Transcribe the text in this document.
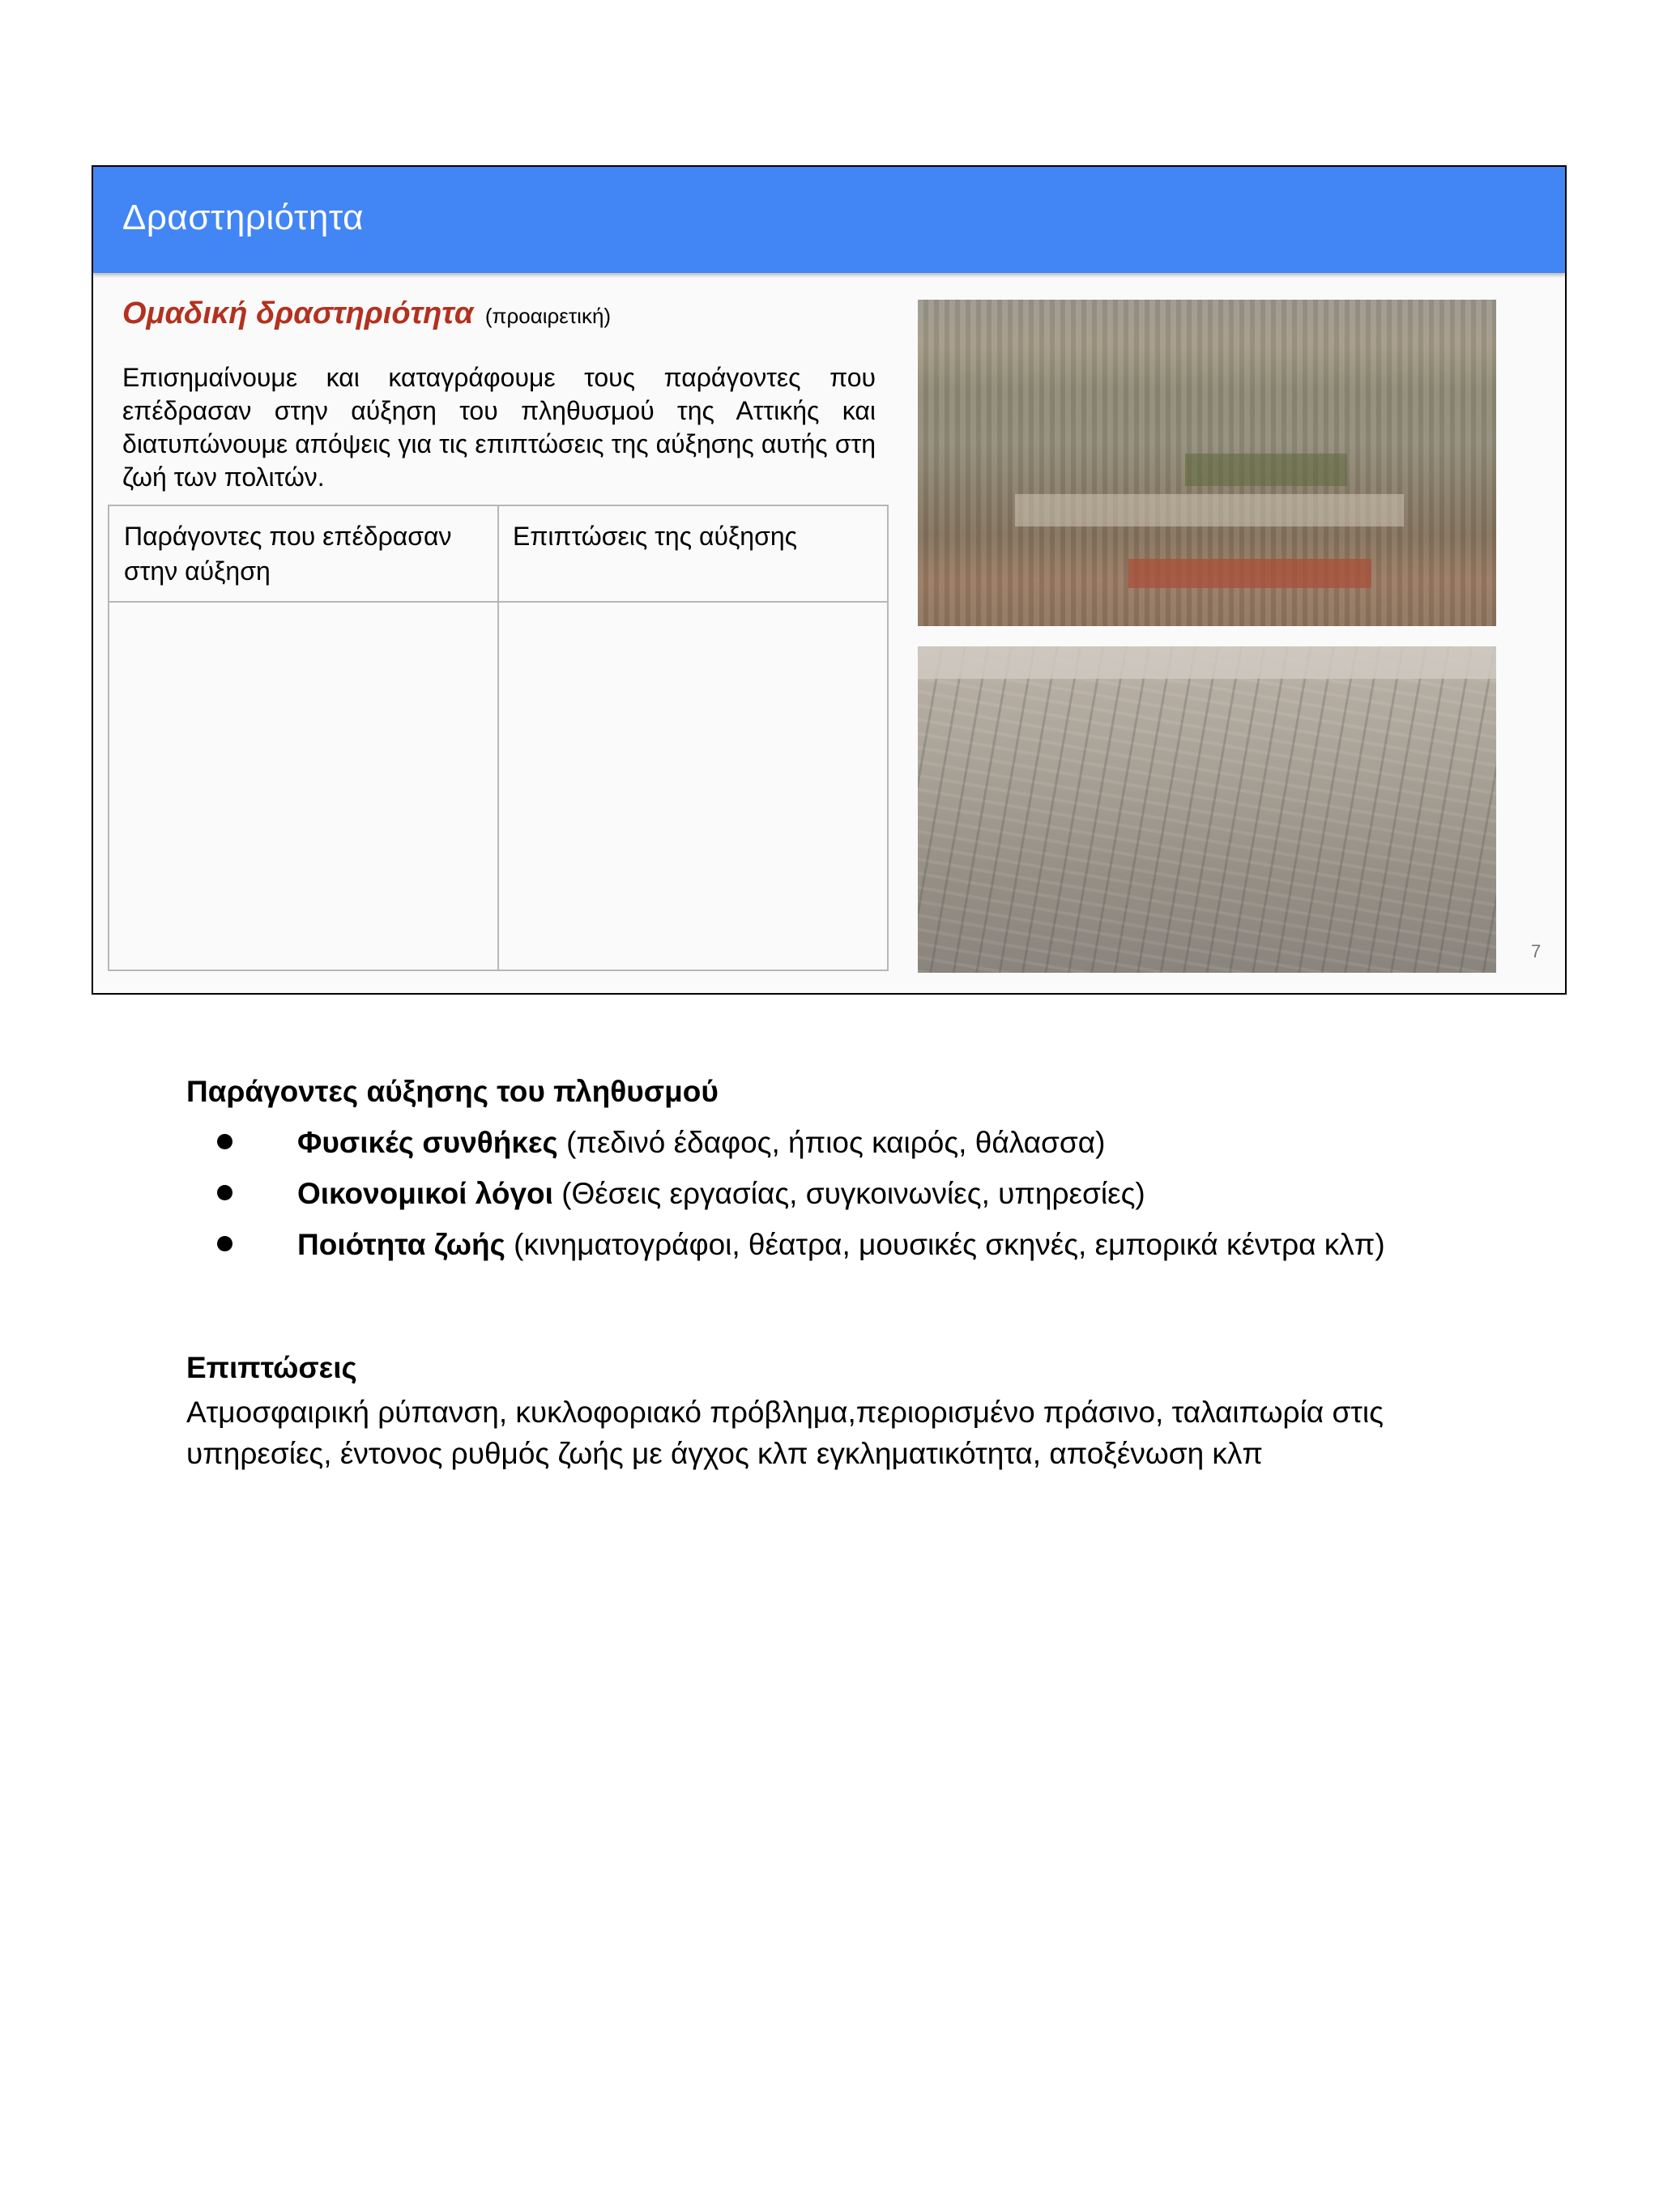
Δραστηριότητα
Ομαδική δραστηριότητα (προαιρετική)
Επισημαίνουμε και καταγράφουμε τους παράγοντες που επέδρασαν στην αύξηση του πληθυσμού της Αττικής και διατυπώνουμε απόψεις για τις επιπτώσεις της αύξησης αυτής στη ζωή των πολιτών.
Παράγοντες που επέδρασαν στην αύξηση
Επιπτώσεις της αύξησης
7
Παράγοντες αύξησης του πληθυσμού
Φυσικές συνθήκες (πεδινό έδαφος, ήπιος καιρός, θάλασσα)
Οικονομικοί λόγοι (Θέσεις εργασίας, συγκοινωνίες, υπηρεσίες)
Ποιότητα ζωής (κινηματογράφοι, θέατρα, μουσικές σκηνές, εμπορικά κέντρα κλπ)
Επιπτώσεις
Ατμοσφαιρική ρύπανση, κυκλοφοριακό πρόβλημα,περιορισμένο πράσινο, ταλαιπωρία στις υπηρεσίες, έντονος ρυθμός ζωής με άγχος κλπ εγκληματικότητα, αποξένωση κλπ
